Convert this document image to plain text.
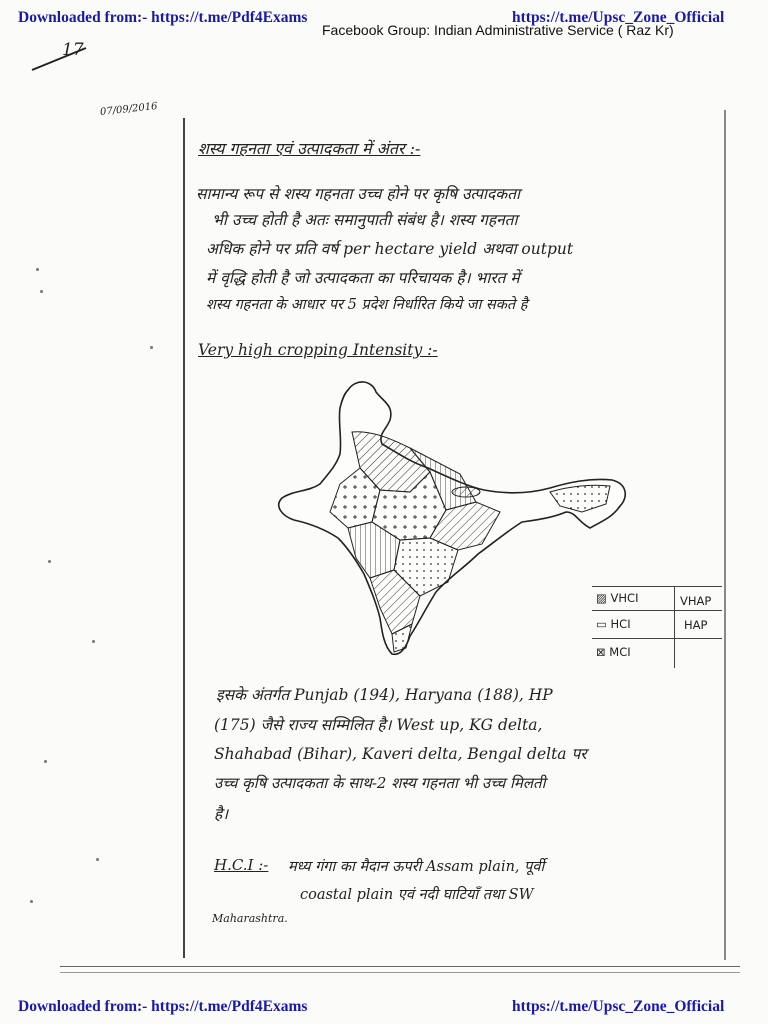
Downloaded from:- https://t.me/Pdf4Exams	https://t.me/Upsc_Zone_Official
Facebook Group: Indian Administrative Service ( Raz Kr)
17
07/09/2016
शस्य गहनता एवं उत्पादकता में अंतर :-
सामान्य रूप से शस्य गहनता उच्च होने पर कृषि उत्पादकता
भी उच्च होती है अतः समानुपाती संबंध है। शस्य गहनता
अधिक होने पर प्रति वर्ष per hectare yield अथवा output
में वृद्धि होती है जो उत्पादकता का परिचायक है। भारत में
शस्य गहनता के आधार पर 5 प्रदेश निर्धारित किये जा सकते है
Very high cropping Intensity :-
▨ VHCI	VHAP
▭ HCI	HAP
⊠ MCI
इसके अंतर्गत Punjab (194), Haryana (188), HP
(175) जैसे राज्य सम्मिलित है। West up, KG delta,
Shahabad (Bihar), Kaveri delta, Bengal delta पर
उच्च कृषि उत्पादकता के साथ-2 शस्य गहनता भी उच्च मिलती
है।
H.C.I :- मध्य गंगा का मैदान ऊपरी Assam plain, पूर्वी
coastal plain एवं नदी घाटियाँ तथा SW
Maharashtra.
Downloaded from:- https://t.me/Pdf4Exams	https://t.me/Upsc_Zone_Official
